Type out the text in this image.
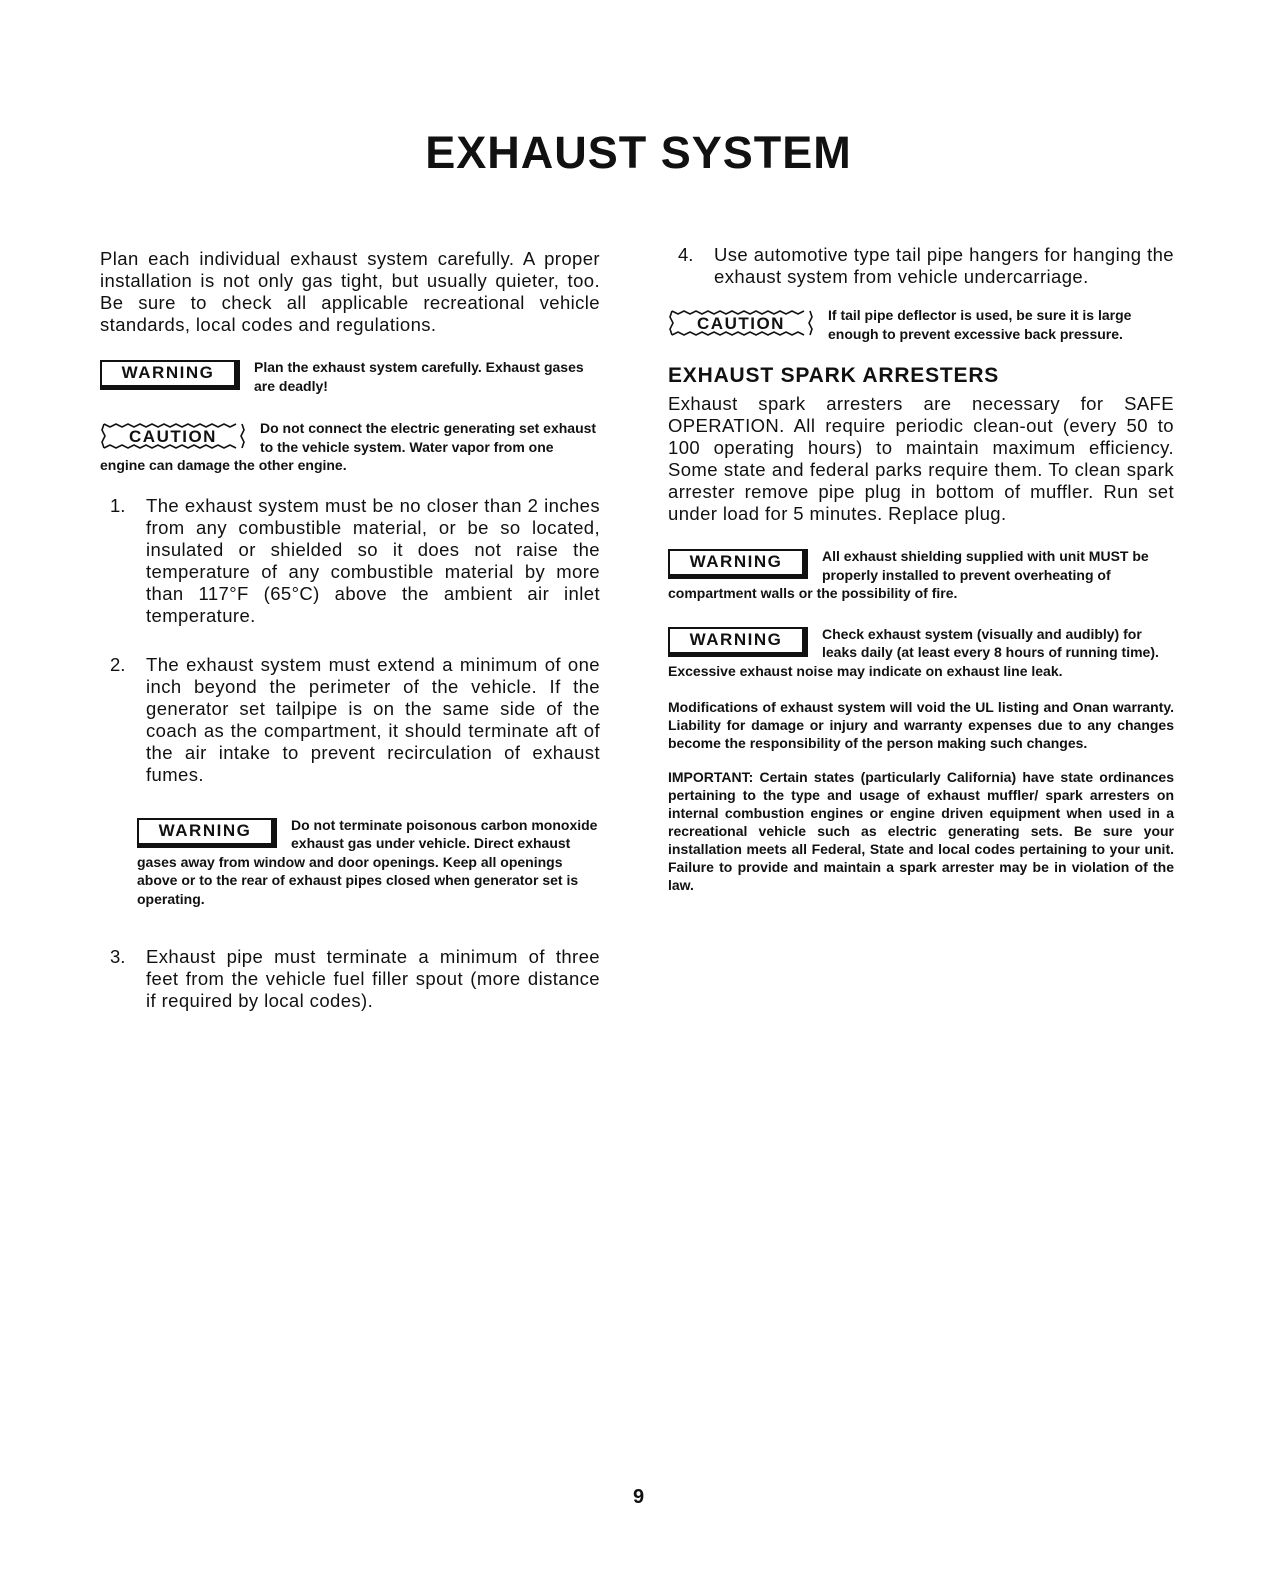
EXHAUST SYSTEM

Plan each individual exhaust system carefully. A proper installation is not only gas tight, but usually quieter, too. Be sure to check all applicable recreational vehicle standards, local codes and regulations.

WARNING	Plan the exhaust system carefully. Exhaust gases are deadly!
CAUTION	Do not connect the electric generating set exhaust to the vehicle system. Water vapor from one engine can damage the other engine.
1.	The exhaust system must be no closer than 2 inches from any combustible material, or be so located, insulated or shielded so it does not raise the temperature of any combustible material by more than 117°F (65°C) above the ambient air inlet temperature.

2.	The exhaust system must extend a minimum of one inch beyond the perimeter of the vehicle. If the generator set tailpipe is on the same side of the coach as the compartment, it should terminate aft of the air intake to prevent recirculation of exhaust fumes.

WARNING	Do not terminate poisonous carbon monoxide exhaust gas under vehicle. Direct exhaust gases away from window and door openings. Keep all openings above or to the rear of exhaust pipes closed when generator set is operating.
3.	Exhaust pipe must terminate a minimum of three feet from the vehicle fuel filler spout (more distance if required by local codes).

4.	Use automotive type tail pipe hangers for hanging the exhaust system from vehicle undercarriage.

CAUTION	If tail pipe deflector is used, be sure it is large enough to prevent excessive back pressure.
EXHAUST SPARK ARRESTERS

Exhaust spark arresters are necessary for SAFE OPERATION. All require periodic clean-out (every 50 to 100 operating hours) to maintain maximum efficiency. Some state and federal parks require them. To clean spark arrester remove pipe plug in bottom of muffler. Run set under load for 5 minutes. Replace plug.

WARNING	All exhaust shielding supplied with unit MUST be properly installed to prevent overheating of compartment walls or the possibility of fire.
WARNING	Check exhaust system (visually and audibly) for leaks daily (at least every 8 hours of running time). Excessive exhaust noise may indicate on exhaust line leak.

Modifications of exhaust system will void the UL listing and Onan warranty. Liability for damage or injury and warranty expenses due to any changes become the responsibility of the person making such changes.

IMPORTANT: Certain states (particularly California) have state ordinances pertaining to the type and usage of exhaust muffler/ spark arresters on internal combustion engines or engine driven equipment when used in a recreational vehicle such as electric generating sets. Be sure your installation meets all Federal, State and local codes pertaining to your unit. Failure to provide and maintain a spark arrester may be in violation of the law.

9
